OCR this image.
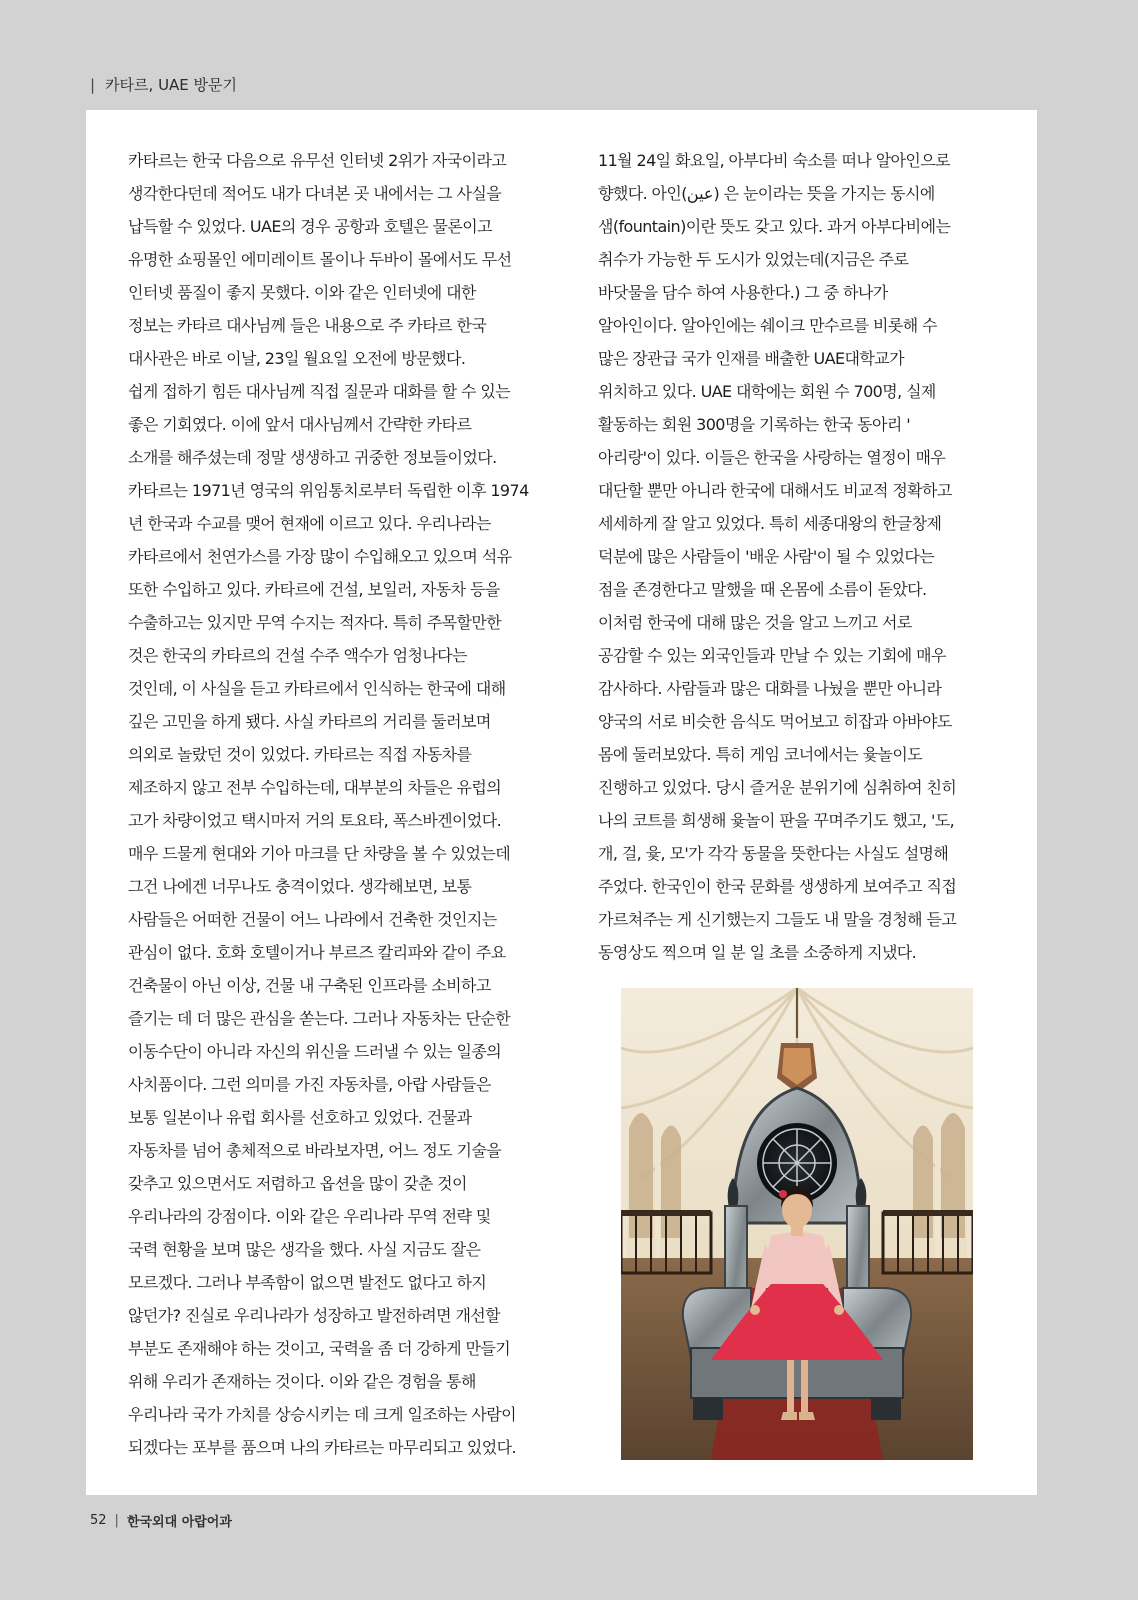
| 카타르, UAE 방문기
카타르는 한국 다음으로 유무선 인터넷 2위가 자국이라고
생각한다던데 적어도 내가 다녀본 곳 내에서는 그 사실을
납득할 수 있었다. UAE의 경우 공항과 호텔은 물론이고
유명한 쇼핑몰인 에미레이트 몰이나 두바이 몰에서도 무선
인터넷 품질이 좋지 못했다. 이와 같은 인터넷에 대한
정보는 카타르 대사님께 들은 내용으로 주 카타르 한국
대사관은 바로 이날, 23일 월요일 오전에 방문했다.
쉽게 접하기 힘든 대사님께 직접 질문과 대화를 할 수 있는
좋은 기회였다. 이에 앞서 대사님께서 간략한 카타르
소개를 해주셨는데 정말 생생하고 귀중한 정보들이었다.
카타르는 1971년 영국의 위임통치로부터 독립한 이후 1974
년 한국과 수교를 맺어 현재에 이르고 있다. 우리나라는
카타르에서 천연가스를 가장 많이 수입해오고 있으며 석유
또한 수입하고 있다. 카타르에 건설, 보일러, 자동차 등을
수출하고는 있지만 무역 수지는 적자다. 특히 주목할만한
것은 한국의 카타르의 건설 수주 액수가 엄청나다는
것인데, 이 사실을 듣고 카타르에서 인식하는 한국에 대해
깊은 고민을 하게 됐다. 사실 카타르의 거리를 둘러보며
의외로 놀랐던 것이 있었다. 카타르는 직접 자동차를
제조하지 않고 전부 수입하는데, 대부분의 차들은 유럽의
고가 차량이었고 택시마저 거의 토요타, 폭스바겐이었다.
매우 드물게 현대와 기아 마크를 단 차량을 볼 수 있었는데
그건 나에겐 너무나도 충격이었다. 생각해보면, 보통
사람들은 어떠한 건물이 어느 나라에서 건축한 것인지는
관심이 없다. 호화 호텔이거나 부르즈 칼리파와 같이 주요
건축물이 아닌 이상, 건물 내 구축된 인프라를 소비하고
즐기는 데 더 많은 관심을 쏟는다. 그러나 자동차는 단순한
이동수단이 아니라 자신의 위신을 드러낼 수 있는 일종의
사치품이다. 그런 의미를 가진 자동차를, 아랍 사람들은
보통 일본이나 유럽 회사를 선호하고 있었다. 건물과
자동차를 넘어 총체적으로 바라보자면, 어느 정도 기술을
갖추고 있으면서도 저렴하고 옵션을 많이 갖춘 것이
우리나라의 강점이다. 이와 같은 우리나라 무역 전략 및
국력 현황을 보며 많은 생각을 했다. 사실 지금도 잘은
모르겠다. 그러나 부족함이 없으면 발전도 없다고 하지
않던가? 진실로 우리나라가 성장하고 발전하려면 개선할
부분도 존재해야 하는 것이고, 국력을 좀 더 강하게 만들기
위해 우리가 존재하는 것이다. 이와 같은 경험을 통해
우리나라 국가 가치를 상승시키는 데 크게 일조하는 사람이
되겠다는 포부를 품으며 나의 카타르는 마무리되고 있었다.
11월 24일 화요일, 아부다비 숙소를 떠나 알아인으로
향했다. 아인(عين) 은 눈이라는 뜻을 가지는 동시에
샘(fountain)이란 뜻도 갖고 있다. 과거 아부다비에는
취수가 가능한 두 도시가 있었는데(지금은 주로
바닷물을 담수 하여 사용한다.) 그 중 하나가
알아인이다. 알아인에는 쉐이크 만수르를 비롯해 수
많은 장관급 국가 인재를 배출한 UAE대학교가
위치하고 있다. UAE 대학에는 회원 수 700명, 실제
활동하는 회원 300명을 기록하는 한국 동아리 '
아리랑'이 있다. 이들은 한국을 사랑하는 열정이 매우
대단할 뿐만 아니라 한국에 대해서도 비교적 정확하고
세세하게 잘 알고 있었다. 특히 세종대왕의 한글창제
덕분에 많은 사람들이 '배운 사람'이 될 수 있었다는
점을 존경한다고 말했을 때 온몸에 소름이 돋았다.
이처럼 한국에 대해 많은 것을 알고 느끼고 서로
공감할 수 있는 외국인들과 만날 수 있는 기회에 매우
감사하다. 사람들과 많은 대화를 나눴을 뿐만 아니라
양국의 서로 비슷한 음식도 먹어보고 히잡과 아바야도
몸에 둘러보았다. 특히 게임 코너에서는 윷놀이도
진행하고 있었다. 당시 즐거운 분위기에 심취하여 친히
나의 코트를 희생해 윷놀이 판을 꾸며주기도 했고, '도,
개, 걸, 윷, 모'가 각각 동물을 뜻한다는 사실도 설명해
주었다. 한국인이 한국 문화를 생생하게 보여주고 직접
가르쳐주는 게 신기했는지 그들도 내 말을 경청해 듣고
동영상도 찍으며 일 분 일 초를 소중하게 지냈다.
52 | 한국외대 아랍어과
